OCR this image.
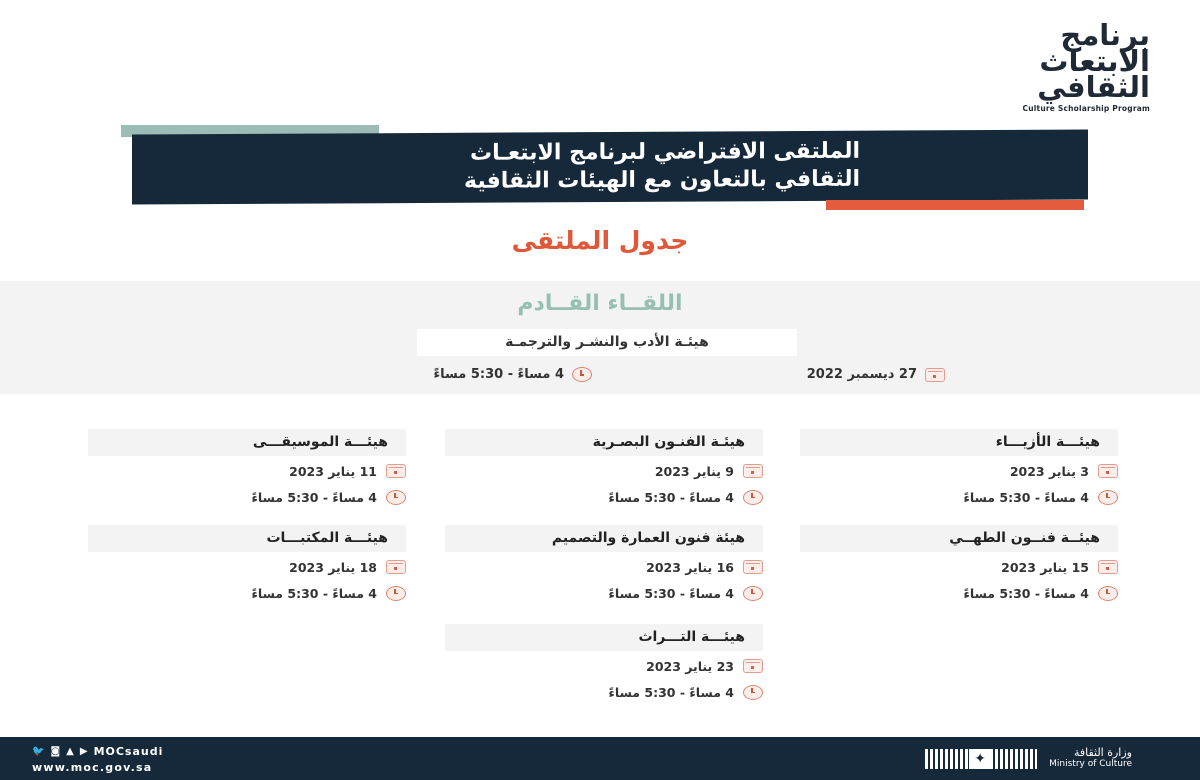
برنامج
الابتعاث
الثقافي
Culture Scholarship Program
الملتقى الافتراضي لبرنامج الابتعـاث
الثقافي بالتعاون مع الهيئات الثقافية
جدول الملتقى
اللقــاء القــادم
هيئـة الأدب والنشـر والترجمـة
27 ديسمبر 2022
4 مساءً - 5:30 مساءً
هيئـــة الأزيـــاء
3 يناير 2023
4 مساءً - 5:30 مساءً
هيئـة الفنـون البصـرية
9 يناير 2023
4 مساءً - 5:30 مساءً
هيئـــة الموسيقـــى
11 يناير 2023
4 مساءً - 5:30 مساءً
هيئــة فنــون الطهــي
15 يناير 2023
4 مساءً - 5:30 مساءً
هيئة فنون العمارة والتصميم
16 يناير 2023
4 مساءً - 5:30 مساءً
هيئـــة المكتبـــات
18 يناير 2023
4 مساءً - 5:30 مساءً
هيئـــة التـــراث
23 يناير 2023
4 مساءً - 5:30 مساءً
🐦 ◙ ▲ ▶ MOCsaudi
www.moc.gov.sa
✦
وزارة الثقافة
Ministry of Culture
